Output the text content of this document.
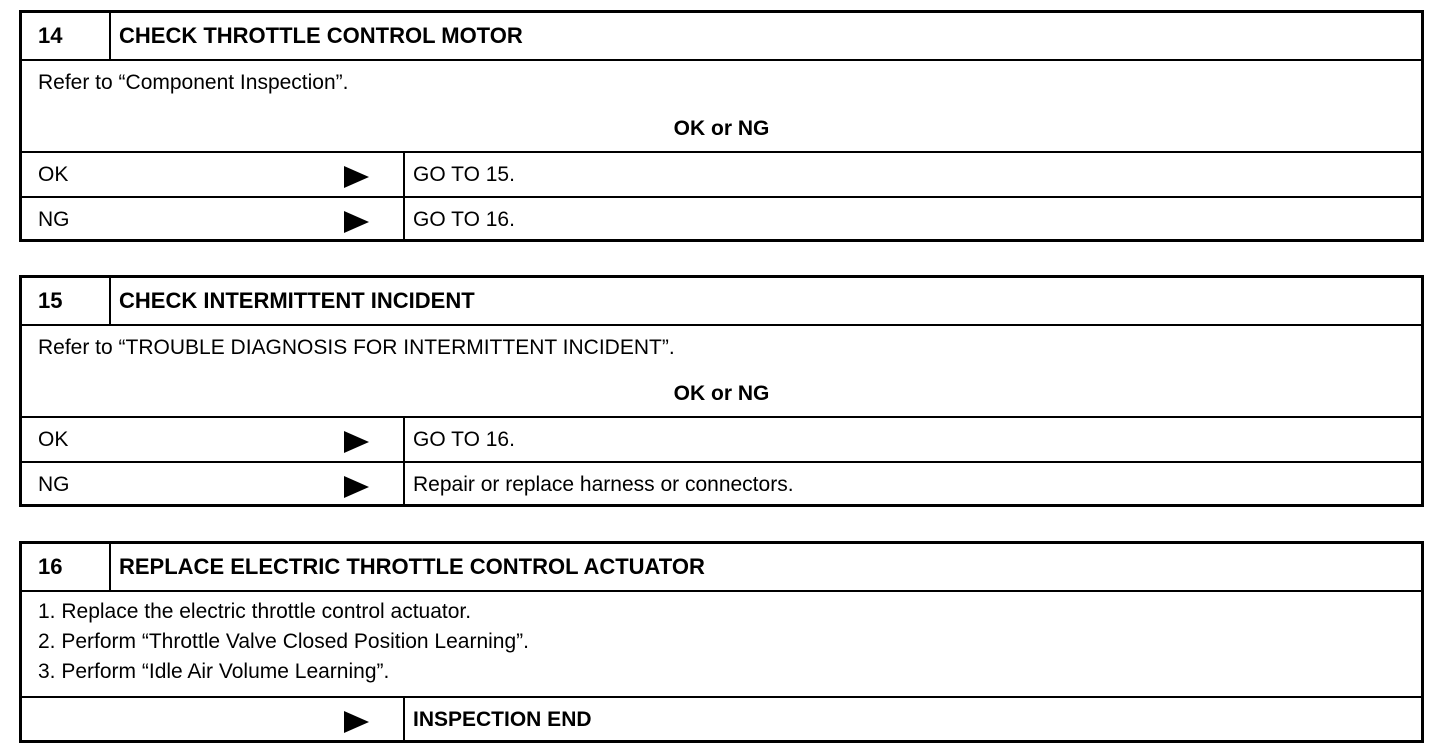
14	CHECK THROTTLE CONTROL MOTOR
Refer to “Component Inspection”.
OK or NG
OK	GO TO 15.
NG	GO TO 16.
15	CHECK INTERMITTENT INCIDENT
Refer to “TROUBLE DIAGNOSIS FOR INTERMITTENT INCIDENT”.
OK or NG
OK	GO TO 16.
NG	Repair or replace harness or connectors.
16	REPLACE ELECTRIC THROTTLE CONTROL ACTUATOR
1. Replace the electric throttle control actuator.
2. Perform “Throttle Valve Closed Position Learning”.
3. Perform “Idle Air Volume Learning”.
INSPECTION END
